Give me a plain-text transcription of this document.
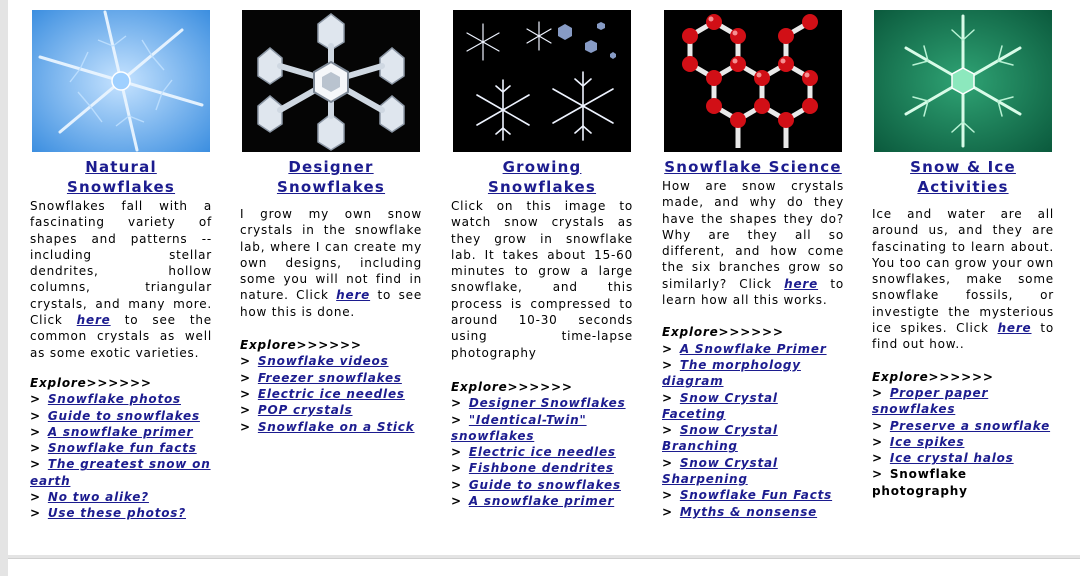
Natural Snowflakes

Snowflakes fall with a fascinating variety of shapes and patterns -- including stellar dendrites, hollow columns, triangular crystals, and many more. Click here to see the common crystals as well as some exotic varieties.

Explore>>>>>>
> Snowflake photos
> Guide to snowflakes
> A snowflake primer
> Snowflake fun facts
> The greatest snow on earth
> No two alike?
> Use these photos?
Designer Snowflakes

I grow my own snow crystals in the snowflake lab, where I can create my own designs, including some you will not find in nature. Click here to see how this is done.

Explore>>>>>>
> Snowflake videos
> Freezer snowflakes
> Electric ice needles
> POP crystals
> Snowflake on a Stick
Growing Snowflakes

Click on this image to watch snow crystals as they grow in snowflake lab. It takes about 15-60 minutes to grow a large snowflake, and this process is compressed to around 10-30 seconds using time-lapse photography

Explore>>>>>>
> Designer Snowflakes
> "Identical-Twin" snowflakes
> Electric ice needles
> Fishbone dendrites
> Guide to snowflakes
> A snowflake primer
Snowflake Science

How are snow crystals made, and why do they have the shapes they do? Why are they all so different, and how come the six branches grow so similarly? Click here to learn how all this works.

Explore>>>>>>
> A Snowflake Primer
> The morphology diagram
> Snow Crystal Faceting
> Snow Crystal Branching
> Snow Crystal Sharpening
> Snowflake Fun Facts
> Myths & nonsense
Snow & Ice Activities

Ice and water are all around us, and they are fascinating to learn about. You too can grow your own snowflakes, make some snowflake fossils, or investigte the mysterious ice spikes. Click here to find out how..

Explore>>>>>>
> Proper paper snowflakes
> Preserve a snowflake
> Ice spikes
> Ice crystal halos
> Snowflake photography
